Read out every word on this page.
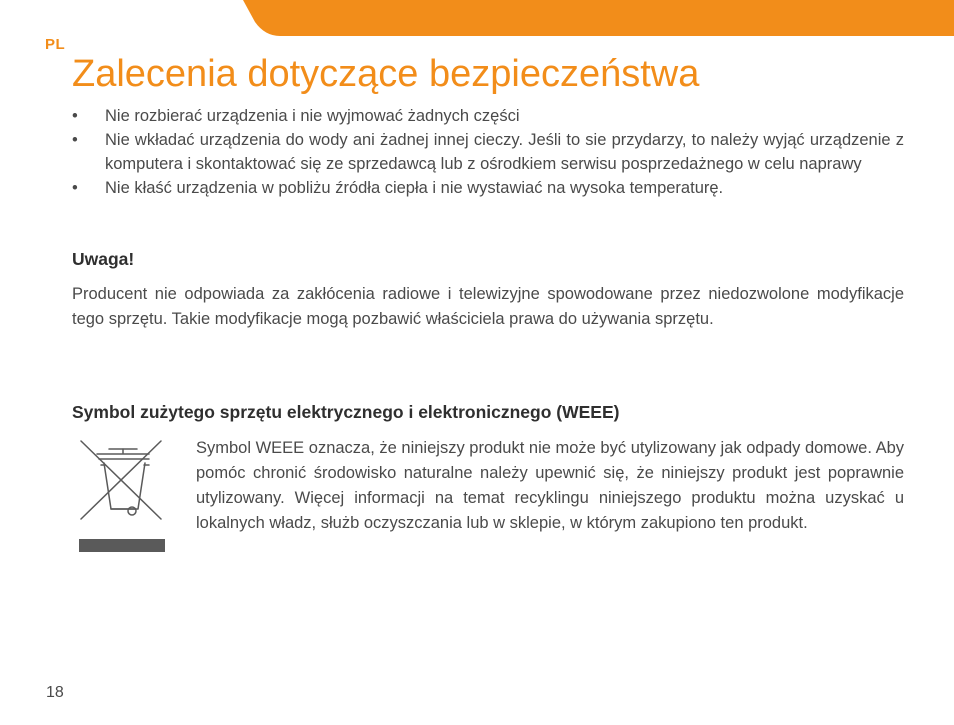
PL
Zalecenia dotyczące bezpieczeństwa
•	Nie rozbierać urządzenia i nie wyjmować żadnych części
•	Nie wkładać urządzenia do wody ani żadnej innej cieczy. Jeśli to sie przydarzy, to należy wyjąć urządzenie z komputera i skontaktować się ze sprzedawcą lub z ośrodkiem serwisu posprzedażnego w celu naprawy
•	Nie kłaść urządzenia w pobliżu źródła ciepła i nie wystawiać na wysoka temperaturę.
Uwaga!

Producent nie odpowiada za zakłócenia radiowe i telewizyjne spowodowane przez niedozwolone modyfikacje tego sprzętu. Takie modyfikacje mogą pozbawić właściciela prawa do używania sprzętu.

Symbol zużytego sprzętu elektrycznego i elektronicznego (WEEE)

Symbol WEEE oznacza, że niniejszy produkt nie może być utylizowany jak odpady domowe. Aby pomóc chronić środowisko naturalne należy upewnić się, że niniejszy produkt jest poprawnie utylizowany. Więcej informacji na temat recyklingu niniejszego produktu można uzyskać u lokalnych władz, służb oczyszczania lub w sklepie, w którym zakupiono ten produkt.

18
